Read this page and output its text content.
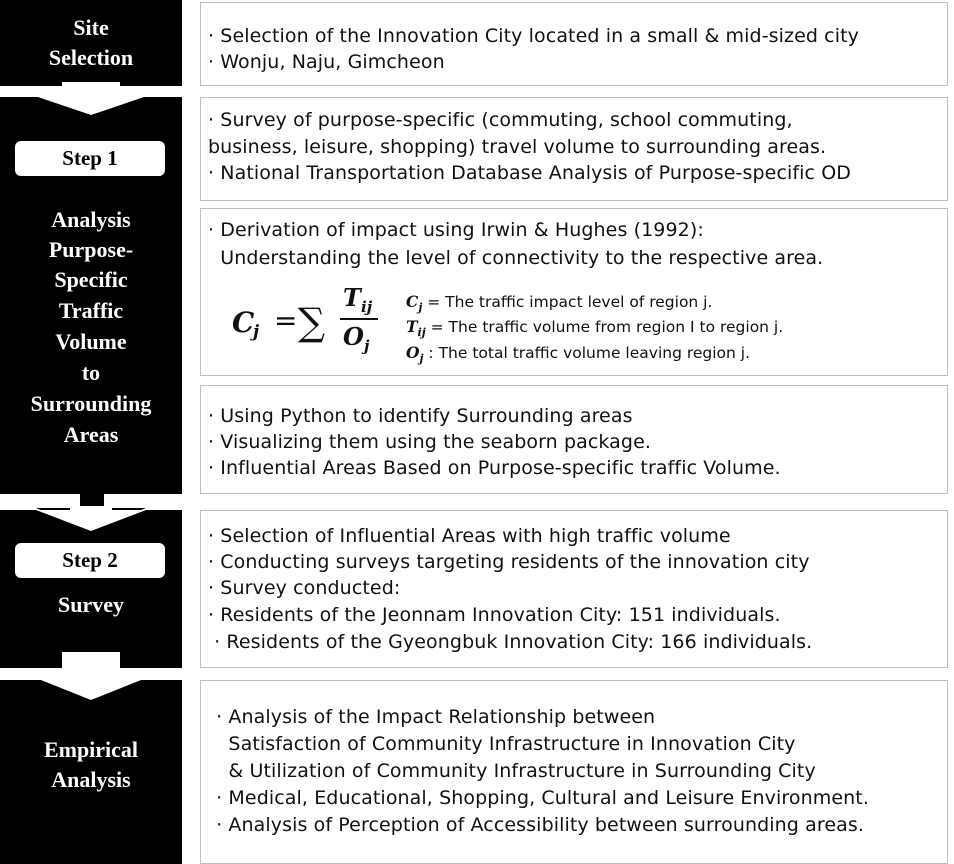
Site
Selection
Step 1
Analysis
Purpose-
Specific
Traffic
Volume
to
Surrounding
Areas
Step 2
Survey
Empirical
Analysis
· Selection of the Innovation City located in a small & mid-sized city
· Wonju, Naju, Gimcheon
· Survey of purpose-specific (commuting, school commuting,
business, leisure, shopping) travel volume to surrounding areas.
· National Transportation Database Analysis of Purpose-specific OD
· Derivation of impact using Irwin & Hughes (1992):
Understanding the level of connectivity to the respective area.
C
j = ∑
T ij
O j
$C_j$ = The traffic impact level of region j.
$T_{ij}$ = The traffic volume from region I to region j.
$O_j$ : The total traffic volume leaving region j.
· Using Python to identify Surrounding areas
· Visualizing them using the seaborn package.
· Influential Areas Based on Purpose-specific traffic Volume.
· Selection of Influential Areas with high traffic volume
· Conducting surveys targeting residents of the innovation city
· Survey conducted:
· Residents of the Jeonnam Innovation City: 151 individuals.
· Residents of the Gyeongbuk Innovation City: 166 individuals.
· Analysis of the Impact Relationship between
Satisfaction of Community Infrastructure in Innovation City
& Utilization of Community Infrastructure in Surrounding City
· Medical, Educational, Shopping, Cultural and Leisure Environment.
· Analysis of Perception of Accessibility between surrounding areas.
